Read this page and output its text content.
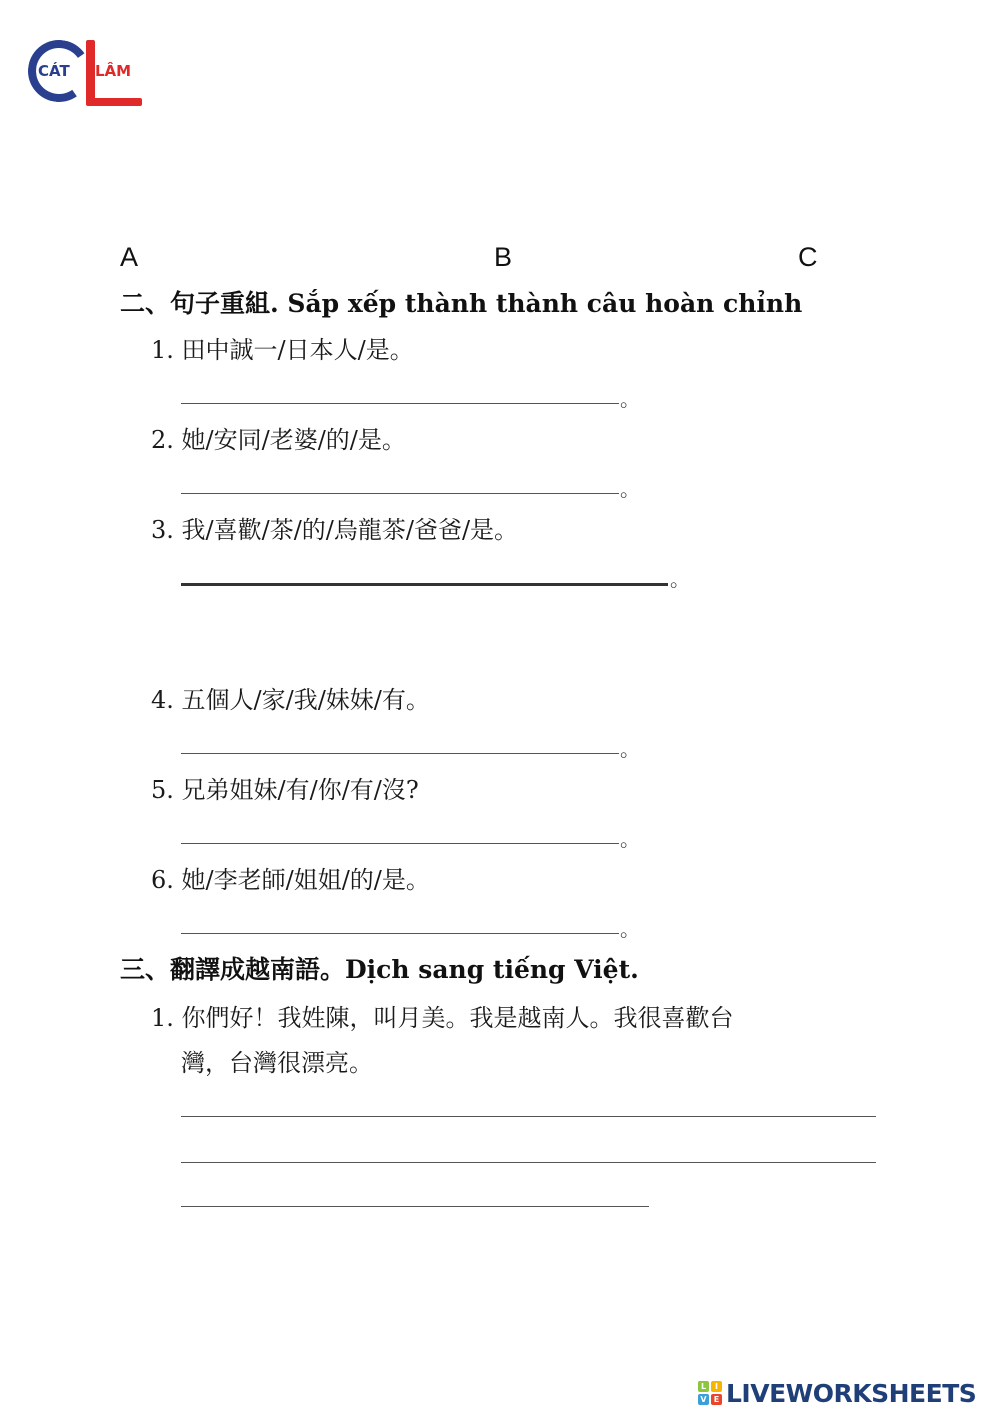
CÁT LÂM
A	B	C
二、句子重組. Sắp xếp thành thành câu hoàn chỉnh
1. 田中誠一/日本人/是。
。
2. 她/安同/老婆/的/是。
。
3. 我/喜歡/茶/的/烏龍茶/爸爸/是。
。
4. 五個人/家/我/妹妹/有。
。
5. 兄弟姐妹/有/你/有/沒?
。
6. 她/李老師/姐姐/的/是。
。
三、翻譯成越南語。Dịch sang tiếng Việt.
1. 你們好！我姓陳，叫月美。我是越南人。我很喜歡台
灣，台灣很漂亮。
L	I
V E LIVEWORKSHEETS
